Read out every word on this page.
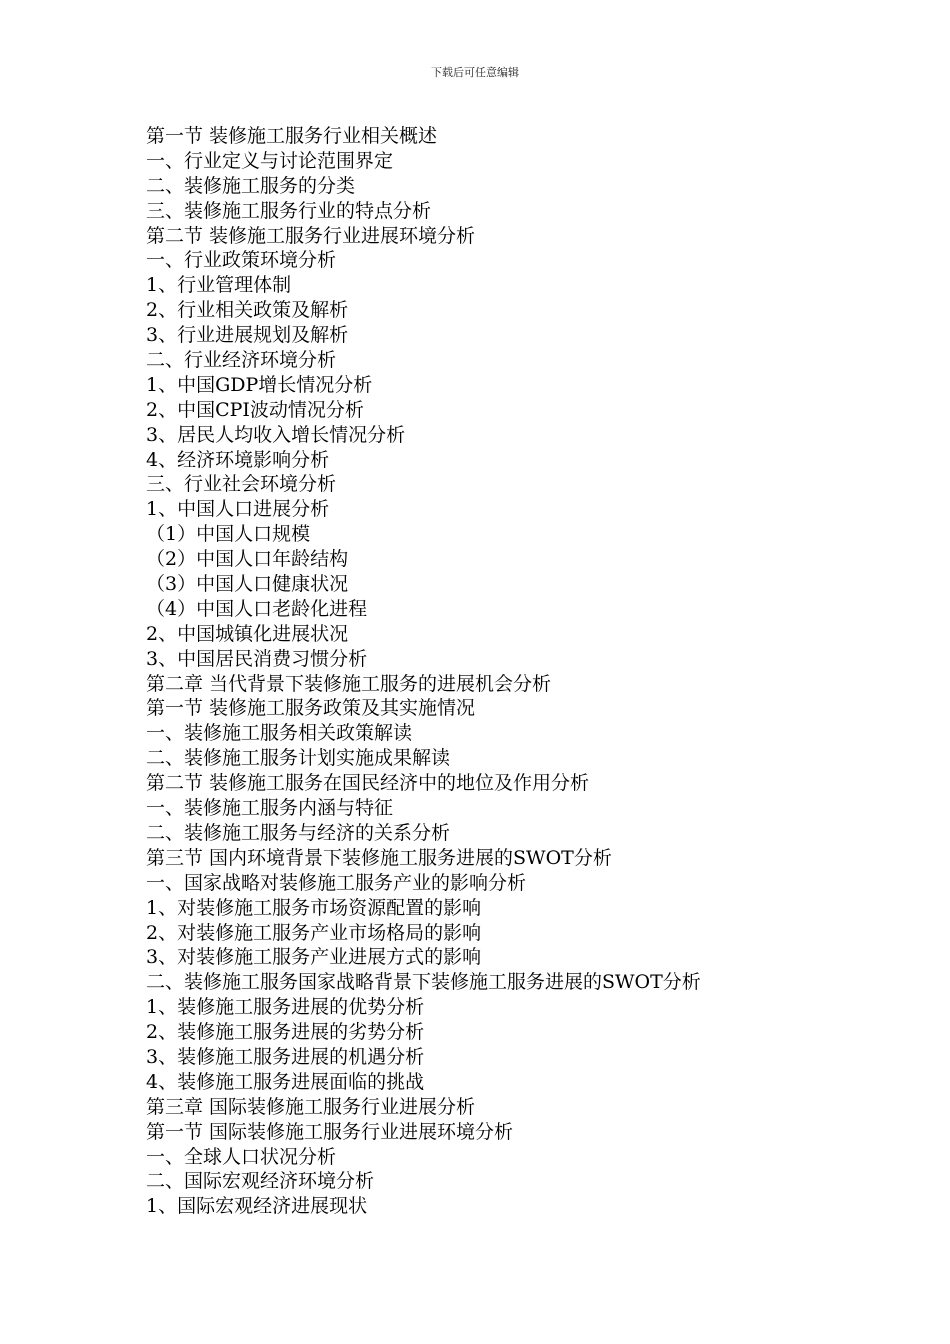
下载后可任意编辑
第一节 装修施工服务行业相关概述
一、行业定义与讨论范围界定
二、装修施工服务的分类
三、装修施工服务行业的特点分析
第二节 装修施工服务行业进展环境分析
一、行业政策环境分析
1、行业管理体制
2、行业相关政策及解析
3、行业进展规划及解析
二、行业经济环境分析
1、中国GDP增长情况分析
2、中国CPI波动情况分析
3、居民人均收入增长情况分析
4、经济环境影响分析
三、行业社会环境分析
1、中国人口进展分析
（1）中国人口规模
（2）中国人口年龄结构
（3）中国人口健康状况
（4）中国人口老龄化进程
2、中国城镇化进展状况
3、中国居民消费习惯分析
第二章 当代背景下装修施工服务的进展机会分析
第一节 装修施工服务政策及其实施情况
一、装修施工服务相关政策解读
二、装修施工服务计划实施成果解读
第二节 装修施工服务在国民经济中的地位及作用分析
一、装修施工服务内涵与特征
二、装修施工服务与经济的关系分析
第三节 国内环境背景下装修施工服务进展的SWOT分析
一、国家战略对装修施工服务产业的影响分析
1、对装修施工服务市场资源配置的影响
2、对装修施工服务产业市场格局的影响
3、对装修施工服务产业进展方式的影响
二、装修施工服务国家战略背景下装修施工服务进展的SWOT分析
1、装修施工服务进展的优势分析
2、装修施工服务进展的劣势分析
3、装修施工服务进展的机遇分析
4、装修施工服务进展面临的挑战
第三章 国际装修施工服务行业进展分析
第一节 国际装修施工服务行业进展环境分析
一、全球人口状况分析
二、国际宏观经济环境分析
1、国际宏观经济进展现状
